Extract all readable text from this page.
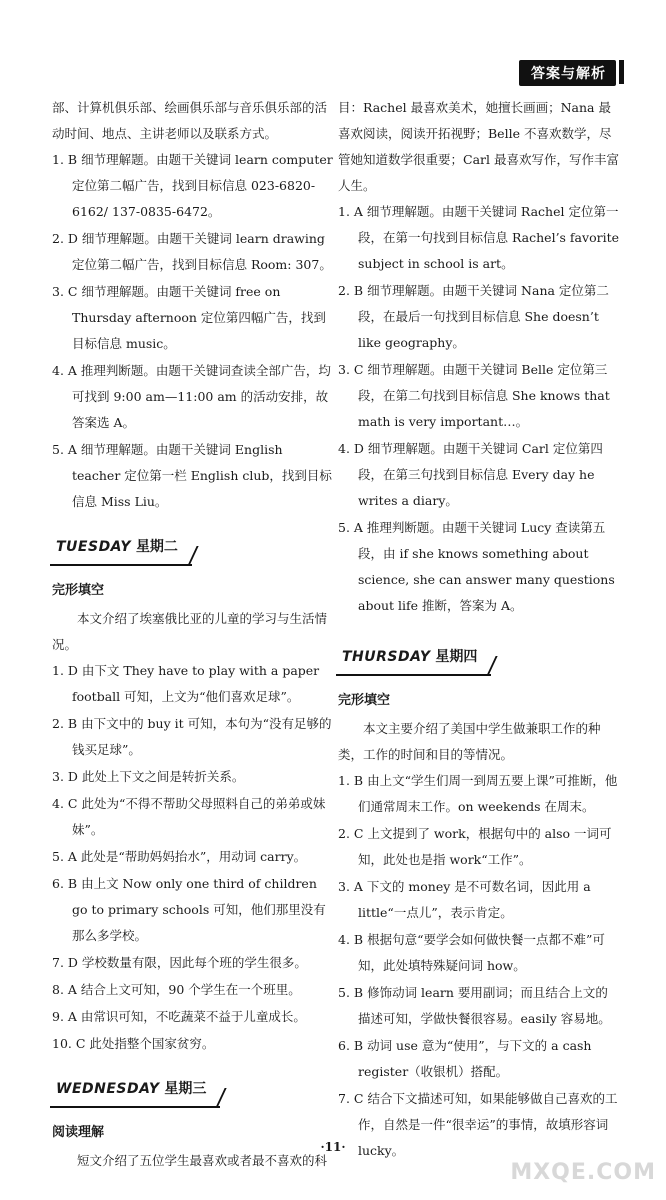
答案与解析

部、计算机俱乐部、绘画俱乐部与音乐俱乐部的活动时间、地点、主讲老师以及联系方式。

1. B 细节理解题。由题干关键词 learn computer 定位第二幅广告，找到目标信息 023-6820-6162/ 137-0835-6472。

2. D 细节理解题。由题干关键词 learn drawing 定位第二幅广告，找到目标信息 Room: 307。

3. C 细节理解题。由题干关键词 free on Thursday afternoon 定位第四幅广告，找到目标信息 music。

4. A 推理判断题。由题干关键词查读全部广告，均可找到 9:00 am—11:00 am 的活动安排，故答案选 A。

5. A 细节理解题。由题干关键词 English teacher 定位第一栏 English club，找到目标信息 Miss Liu。

TUESDAY 星期二
完形填空

本文介绍了埃塞俄比亚的儿童的学习与生活情况。

1. D 由下文 They have to play with a paper football 可知，上文为“他们喜欢足球”。

2. B 由下文中的 buy it 可知，本句为“没有足够的钱买足球”。

3. D 此处上下文之间是转折关系。

4. C 此处为“不得不帮助父母照料自己的弟弟或妹妹”。

5. A 此处是“帮助妈妈抬水”，用动词 carry。

6. B 由上文 Now only one third of children go to primary schools 可知，他们那里没有那么多学校。

7. D 学校数量有限，因此每个班的学生很多。

8. A 结合上文可知，90 个学生在一个班里。

9. A 由常识可知，不吃蔬菜不益于儿童成长。

10. C 此处指整个国家贫穷。

WEDNESDAY 星期三
阅读理解

短文介绍了五位学生最喜欢或者最不喜欢的科

目：Rachel 最喜欢美术，她擅长画画；Nana 最喜欢阅读，阅读开拓视野；Belle 不喜欢数学，尽管她知道数学很重要；Carl 最喜欢写作，写作丰富人生。

1. A 细节理解题。由题干关键词 Rachel 定位第一段，在第一句找到目标信息 Rachel’s favorite subject in school is art。

2. B 细节理解题。由题干关键词 Nana 定位第二段，在最后一句找到目标信息 She doesn’t like geography。

3. C 细节理解题。由题干关键词 Belle 定位第三段，在第二句找到目标信息 She knows that math is very important…。

4. D 细节理解题。由题干关键词 Carl 定位第四段，在第三句找到目标信息 Every day he writes a diary。

5. A 推理判断题。由题干关键词 Lucy 查读第五段，由 if she knows something about science, she can answer many questions about life 推断，答案为 A。

THURSDAY 星期四
完形填空

本文主要介绍了美国中学生做兼职工作的种类，工作的时间和目的等情况。

1. B 由上文“学生们周一到周五要上课”可推断，他们通常周末工作。on weekends 在周末。

2. C 上文提到了 work，根据句中的 also 一词可知，此处也是指 work“工作”。

3. A 下文的 money 是不可数名词，因此用 a little“一点儿”，表示肯定。

4. B 根据句意“要学会如何做快餐一点都不难”可知，此处填特殊疑问词 how。

5. B 修饰动词 learn 要用副词；而且结合上文的描述可知，学做快餐很容易。easily 容易地。

6. B 动词 use 意为“使用”，与下文的 a cash register（收银机）搭配。

7. C 结合下文描述可知，如果能够做自己喜欢的工作，自然是一件“很幸运”的事情，故填形容词 lucky。

·11·
MXQE.COM
